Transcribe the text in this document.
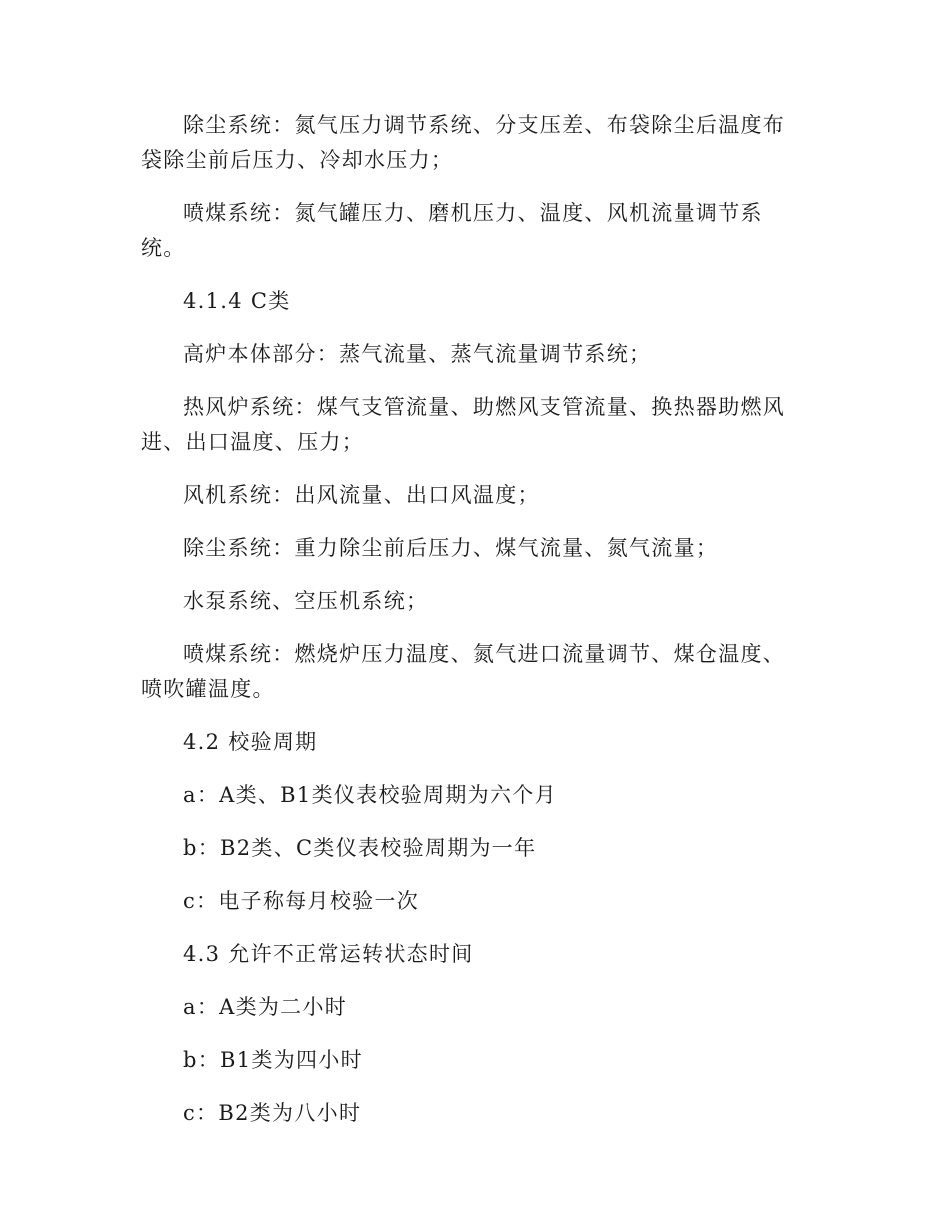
除尘系统：氮气压力调节系统、分支压差、布袋除尘后温度布袋除尘前后压力、冷却水压力；

喷煤系统：氮气罐压力、磨机压力、温度、风机流量调节系统。

4.1.4 C类

高炉本体部分：蒸气流量、蒸气流量调节系统；

热风炉系统：煤气支管流量、助燃风支管流量、换热器助燃风进、出口温度、压力；

风机系统：出风流量、出口风温度；

除尘系统：重力除尘前后压力、煤气流量、氮气流量；

水泵系统、空压机系统；

喷煤系统：燃烧炉压力温度、氮气进口流量调节、煤仓温度、喷吹罐温度。

4.2 校验周期

a：A类、B1类仪表校验周期为六个月

b：B2类、C类仪表校验周期为一年

c：电子称每月校验一次

4.3 允许不正常运转状态时间

a：A类为二小时

b：B1类为四小时

c：B2类为八小时
